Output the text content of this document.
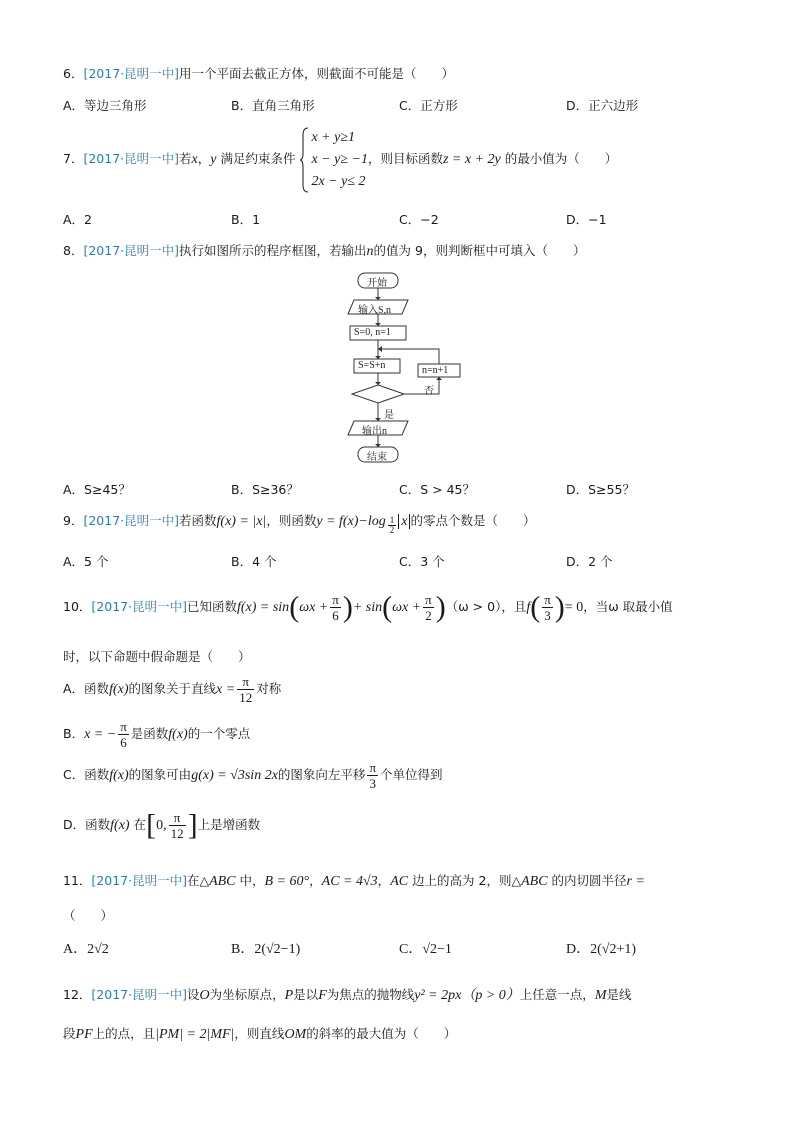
6．[2017·昆明一中]用一个平面去截正方体，则截面不可能是（　　）
A．等边三角形	B．直角三角形	C．正方形	D．正六边形
7．[2017·昆明一中]若x，y 满足约束条件
x + y≥1
x − y≥ −1
2x − y≤ 2
，则目标函数z = x + 2y 的最小值为（　　）
A．2	B．1	C．−2	D．−1
8．[2017·昆明一中]执行如图所示的程序框图，若输出n的值为 9，则判断框中可填入（　　）
开始
输入S,n
S=0, n=1
S=S+n	n=n+1
否
是
输出n
结束
A．S≥45？	B．S≥36？	C．S > 45？	D．S≥55？
9．[2017·昆明一中]若函数f(x) = |x|，则函数$y = f(x)-\log \frac{1}{2}$ x 的零点个数是（　　）
A．5 个	B．4 个	C．3 个	D．2 个
10．[2017·昆明一中]已知函数$f(x) = \sin(\omega x + \frac{\pi}{6}$ )+ $\sin(\omega x + \frac{\pi}{2} )(\omega > 0)$，且$f( \frac{\pi}{3}$ )= 0，当ω 取最小值
时，以下命题中假命题是（　　）
A．函数f(x)的图象关于直线$x = \frac{\pi}{12}$ 对称
B．x = − $\frac{\pi}{6}$ 是函数f(x)的一个零点
C．函数f(x)的图象可由g(x) = √3sin 2x的图象向左平移 $\frac{\pi}{3}$ 个单位得到
D．函数f(x) 在[0, $\frac{\pi}{12}$ ]上是增函数
11．[2017·昆明一中]在△ABC 中，B = 60°，AC = 4√3，AC 边上的高为 2，则△ABC 的内切圆半径r =
（　　）
A．2√2	B．2(√2−1)	C．√2−1	D．2(√2+1)
12．[2017·昆明一中]设O为坐标原点，P是以F为焦点的抛物线y² = 2px（p > 0）上任意一点，M是线
段PF上的点，且|PM| = 2|MF|，则直线OM的斜率的最大值为（　　）
